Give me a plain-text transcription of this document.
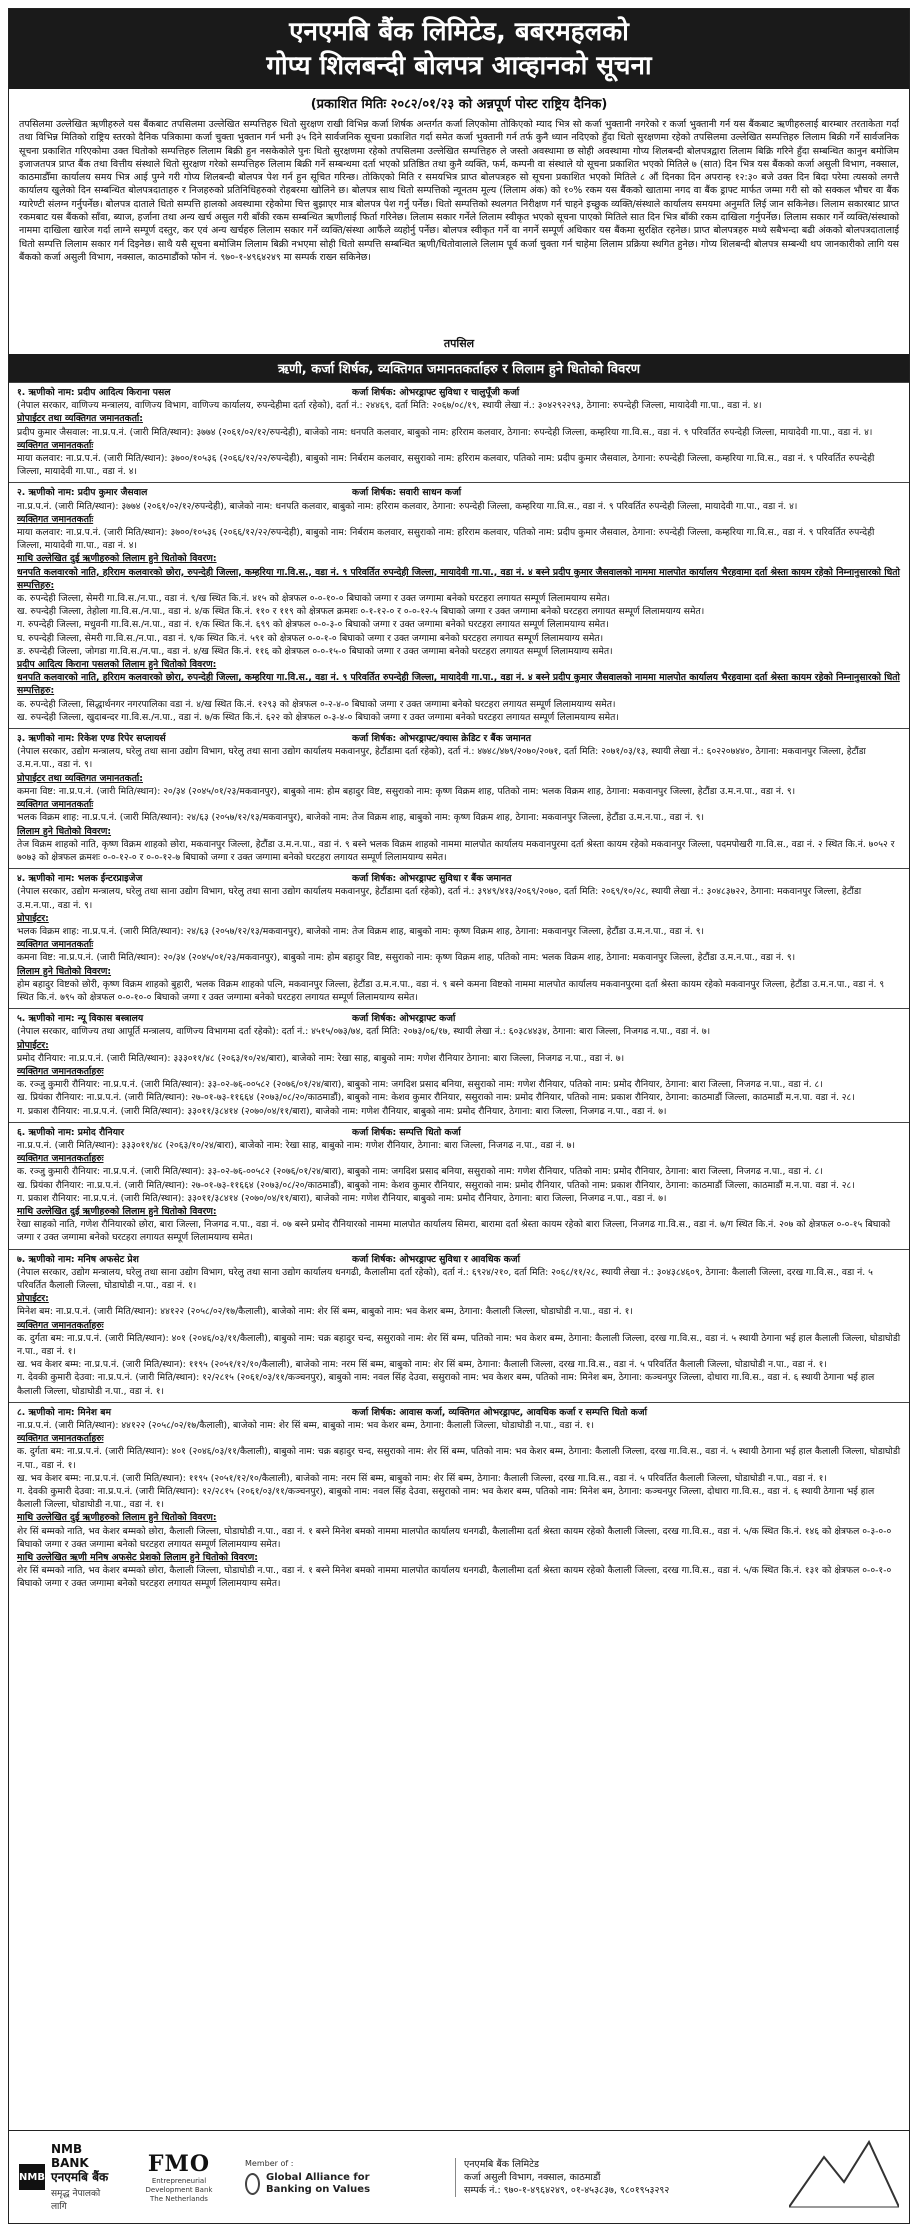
एनएमबि बैंक लिमिटेड, बबरमहलको
गोप्य शिलबन्दी बोलपत्र आव्हानको सूचना
(प्रकाशित मितिः २०८२/०१/२३ को अन्नपूर्ण पोस्ट राष्ट्रिय दैनिक)
तपसिलमा उल्लेखित ऋणीहरुले यस बैंकबाट तपसिलमा उल्लेखित सम्पत्तिहरु धितो सुरक्षण राखी विभिन्न कर्जा शिर्षक अन्तर्गत कर्जा लिएकोमा तोकिएको म्याद भित्र सो कर्जा भुक्तानी नगरेको र कर्जा भुक्तानी गर्न यस बैंकबाट ऋणीहरुलाई बारम्बार तरताकेता गर्दा तथा विभिन्न मितिको राष्ट्रिय स्तरको दैनिक पत्रिकामा कर्जा चुक्ता भुक्तान गर्न भनी ३५ दिने सार्वजनिक सूचना प्रकाशित गर्दा समेत कर्जा भुक्तानी गर्न तर्फ कुनै ध्यान नदिएको हुँदा धितो सुरक्षणमा रहेको तपसिलमा उल्लेखित सम्पत्तिहरु लिलाम बिक्री गर्ने सार्वजनिक सूचना प्रकाशित गरिएकोमा उक्त धितोको सम्पत्तिहरु लिलाम बिक्री हुन नसकेकोले पुनः धितो सुरक्षणमा रहेको तपसिलमा उल्लेखित सम्पत्तिहरु ले जस्तो अवस्थामा छ सोही अवस्थामा गोप्य शिलबन्दी बोलपत्रद्वारा लिलाम बिक्रि गरिने हुँदा सम्बन्धित कानुन बमोजिम इजाजतपत्र प्राप्त बैंक तथा वित्तीय संस्थाले धितो सुरक्षण गरेको सम्पत्तिहरु लिलाम बिक्री गर्ने सम्बन्धमा दर्ता भएको प्रतिष्ठित तथा कुनै व्यक्ति, फर्म, कम्पनी वा संस्थाले यो सूचना प्रकाशित भएको मितिले ७ (सात) दिन भित्र यस बैंकको कर्जा असुली विभाग, नक्साल, काठमाडौँमा कार्यालय समय भित्र आई पुग्ने गरी गोप्य शिलबन्दी बोलपत्र पेश गर्न हुन सूचित गरिन्छ। तोकिएको मिति र समयभित्र प्राप्त बोलपत्रहरु सो सूचना प्रकाशित भएको मितिले ८ औं दिनका दिन अपरान्ह १२:३० बजे उक्त दिन बिदा परेमा त्यसको लगत्तै कार्यालय खुलेको दिन सम्बन्धित बोलपत्रदाताहरु र निजहरुको प्रतिनिधिहरुको रोहबरमा खोलिने छ। बोलपत्र साथ धितो सम्पत्तिको न्यूनतम मूल्य (लिलाम अंक) को १०% रकम यस बैंकको खातामा नगद वा बैंक ड्राफ्ट मार्फत जम्मा गरी सो को सक्कल भौचर वा बैंक ग्यारेण्टी संलग्न गर्नुपर्नेछ। बोलपत्र दाताले धितो सम्पत्ति हालको अवस्थामा रहेकोमा चित्त बुझाएर मात्र बोलपत्र पेश गर्नु पर्नेछ। धितो सम्पत्तिको स्थलगत निरीक्षण गर्न चाहने इच्छुक व्यक्ति/संस्थाले कार्यालय समयमा अनुमति लिई जान सकिनेछ। लिलाम सकारबाट प्राप्त रकमबाट यस बैंकको साँवा, ब्याज, हर्जाना तथा अन्य खर्च असुल गरी बाँकी रकम सम्बन्धित ऋणीलाई फिर्ता गरिनेछ। लिलाम सकार गर्नेले लिलाम स्वीकृत भएको सूचना पाएको मितिले सात दिन भित्र बाँकी रकम दाखिला गर्नुपर्नेछ। लिलाम सकार गर्ने व्यक्ति/संस्थाको नाममा दाखिला खारेज गर्दा लाग्ने सम्पूर्ण दस्तुर, कर एवं अन्य खर्चहरु लिलाम सकार गर्ने व्यक्ति/संस्था आफैंले व्यहोर्नु पर्नेछ। बोलपत्र स्वीकृत गर्ने वा नगर्ने सम्पूर्ण अधिकार यस बैंकमा सुरक्षित रहनेछ। प्राप्त बोलपत्रहरु मध्ये सबैभन्दा बढी अंकको बोलपत्रदातालाई धितो सम्पत्ति लिलाम सकार गर्न दिइनेछ। साथै यसै सूचना बमोजिम लिलाम बिक्री नभएमा सोही धितो सम्पत्ति सम्बन्धित ऋणी/धितोवालाले लिलाम पूर्व कर्जा चुक्ता गर्न चाहेमा लिलाम प्रक्रिया स्थगित हुनेछ। गोप्य शिलबन्दी बोलपत्र सम्बन्धी थप जानकारीको लागि यस बैंकको कर्जा असुली विभाग, नक्साल, काठमाडौंको फोन नं. ९७०-१-४९६४२४९ मा सम्पर्क राख्न सकिनेछ।
तपसिल
ऋणी, कर्जा शिर्षक, व्यक्तिगत जमानतकर्ताहरु र लिलाम हुने धितोको विवरण
१. ऋणीको नाम: प्रदीप आदित्य किराना पसल	कर्जा शिर्षक: ओभरड्राफ्ट सुविधा र चालुपूँजी कर्जा

(नेपाल सरकार, वाणिज्य मन्त्रालय, वाणिज्य विभाग, वाणिज्य कार्यालय, रुपन्देहीमा दर्ता रहेको), दर्ता नं.: २४४६९, दर्ता मिति: २०६७/०८/१९, स्थायी लेखा नं.: ३०४२९२२९३, ठेगाना: रुपन्देही जिल्ला, मायादेवी गा.पा., वडा नं. ४।

प्रोपाईटर तथा व्यक्तिगत जमानतकर्ता:

प्रदीप कुमार जैसवाल: ना.प्र.प.नं. (जारी मिति/स्थान): ३७७४ (२०६१/०२/१२/रुपन्देही), बाजेको नाम: धनपति कलवार, बाबुको नाम: हरिराम कलवार, ठेगाना: रुपन्देही जिल्ला, कम्हरिया गा.वि.स., वडा नं. ९ परिवर्तित रुपन्देही जिल्ला, मायादेवी गा.पा., वडा नं. ४।

व्यक्तिगत जमानतकर्ताः

माया कलवार: ना.प्र.प.नं. (जारी मिति/स्थान): ३७००/१०५३६ (२०६६/१२/२२/रुपन्देही), बाबुको नाम: निर्बराम कलवार, ससुराको नाम: हरिराम कलवार, पतिको नाम: प्रदीप कुमार जैसवाल, ठेगाना: रुपन्देही जिल्ला, कम्हरिया गा.वि.स., वडा नं. ९ परिवर्तित रुपन्देही जिल्ला, मायादेवी गा.पा., वडा नं. ४।

२. ऋणीको नाम: प्रदीप कुमार जैसवाल	कर्जा शिर्षक: सवारी साधन कर्जा

ना.प्र.प.नं. (जारी मिति/स्थान): ३७७४ (२०६१/०२/१२/रुपन्देही), बाजेको नाम: धनपति कलवार, बाबुको नाम: हरिराम कलवार, ठेगाना: रुपन्देही जिल्ला, कम्हरिया गा.वि.स., वडा नं. ९ परिवर्तित रुपन्देही जिल्ला, मायादेवी गा.पा., वडा नं. ४।

व्यक्तिगत जमानतकर्ताः

माया कलवार: ना.प्र.प.नं. (जारी मिति/स्थान): ३७००/१०५३६ (२०६६/१२/२२/रुपन्देही), बाबुको नाम: निर्बराम कलवार, ससुराको नाम: हरिराम कलवार, पतिको नाम: प्रदीप कुमार जैसवाल, ठेगाना: रुपन्देही जिल्ला, कम्हरिया गा.वि.स., वडा नं. ९ परिवर्तित रुपन्देही जिल्ला, मायादेवी गा.पा., वडा नं. ४।

माथि उल्लेखित दुई ऋणीहरुको लिलाम हुने धितोको विवरण:

धनपति कलवारको नाति, हरिराम कलवारको छोरा, रुपन्देही जिल्ला, कम्हरिया गा.वि.स., वडा नं. ९ परिवर्तित रुपन्देही जिल्ला, मायादेवी गा.पा., वडा नं. ४ बस्ने प्रदीप कुमार जैसवालको नाममा मालपोत कार्यालय भैरहवामा दर्ता श्रेस्ता कायम रहेको निम्नानुसारको धितो सम्पत्तिहरु:

क. रुपन्देही जिल्ला, सेमरी गा.वि.स./न.पा., वडा नं. ९/ख स्थित कि.नं. ४१५ को क्षेत्रफल ०-०-१०-० बिघाको जग्गा र उक्त जग्गामा बनेको घरटहरा लगायत सम्पूर्ण लिलामयाग्य समेत।

ख. रुपन्देही जिल्ला, तेहोला गा.वि.स./न.पा., वडा नं. ४/क स्थित कि.नं. ११० र ११९ को क्षेत्रफल क्रमशः ०-१-१२-० र ०-०-१२-५ बिघाको जग्गा र उक्त जग्गामा बनेको घरटहरा लगायत सम्पूर्ण लिलामयाग्य समेत।

ग. रुपन्देही जिल्ला, मधुवनी गा.वि.स./न.पा., वडा नं. १/क स्थित कि.नं. ६९९ को क्षेत्रफल ०-०-३-० बिघाको जग्गा र उक्त जग्गामा बनेको घरटहरा लगायत सम्पूर्ण लिलामयाग्य समेत।

घ. रुपन्देही जिल्ला, सेमरी गा.वि.स./न.पा., वडा नं. ९/क स्थित कि.नं. ५९१ को क्षेत्रफल ०-०-१-० बिघाको जग्गा र उक्त जग्गामा बनेको घरटहरा लगायत सम्पूर्ण लिलामयाग्य समेत।

ङ. रुपन्देही जिल्ला, जोगडा गा.वि.स./न.पा., वडा नं. ४/ख स्थित कि.नं. ११६ को क्षेत्रफल ०-०-१५-० बिघाको जग्गा र उक्त जग्गामा बनेको घरटहरा लगायत सम्पूर्ण लिलामयाग्य समेत।

प्रदीप आदित्य किराना पसलको लिलाम हुने धितोको विवरण:

धनपति कलवारको नाति, हरिराम कलवारको छोरा, रुपन्देही जिल्ला, कम्हरिया गा.वि.स., वडा नं. ९ परिवर्तित रुपन्देही जिल्ला, मायादेवी गा.पा., वडा नं. ४ बस्ने प्रदीप कुमार जैसवालको नाममा मालपोत कार्यालय भैरहवामा दर्ता श्रेस्ता कायम रहेको निम्नानुसारको धितो सम्पत्तिहरु:

क. रुपन्देही जिल्ला, सिद्धार्थनगर नगरपालिका वडा नं. ४/ख स्थित कि.नं. १२९३ को क्षेत्रफल ०-२-४-० बिघाको जग्गा र उक्त जग्गामा बनेको घरटहरा लगायत सम्पूर्ण लिलामयाग्य समेत।

ख. रुपन्देही जिल्ला, खुदाबन्दर गा.वि.स./न.पा., वडा नं. ७/क स्थित कि.नं. ६२२ को क्षेत्रफल ०-३-४-० बिघाको जग्गा र उक्त जग्गामा बनेको घरटहरा लगायत सम्पूर्ण लिलामयाग्य समेत।

३. ऋणीको नाम: रिकेश एण्ड रिपेर सप्लायर्स	कर्जा शिर्षक: ओभरड्राफ्ट/क्यास क्रेडिट र बैंक जमानत

(नेपाल सरकार, उद्योग मन्त्रालय, घरेलु तथा साना उद्योग विभाग, घरेलु तथा साना उद्योग कार्यालय मकवानपुर, हेटौंडामा दर्ता रहेको), दर्ता नं.: ४७४८/४७९/२०७०/२०७१, दर्ता मिति: २०७१/०३/१३, स्थायी लेखा नं.: ६०२२०७४४०, ठेगाना: मकवानपुर जिल्ला, हेटौंडा उ.म.न.पा., वडा नं. ९।

प्रोपाईटर तथा व्यक्तिगत जमानतकर्ता:

कमना विष्ट: ना.प्र.प.नं. (जारी मिति/स्थान): २०/३४ (२०४५/०१/२३/मकवानपुर), बाबुको नाम: होम बहादुर विष्ट, ससुराको नाम: कृष्ण विक्रम शाह, पतिको नाम: भलक विक्रम शाह, ठेगाना: मकवानपुर जिल्ला, हेटौंडा उ.म.न.पा., वडा नं. ९।

व्यक्तिगत जमानतकर्ताः

भलक विक्रम शाह: ना.प्र.प.नं. (जारी मिति/स्थान): २४/६३ (२०५७/१२/१३/मकवानपुर), बाजेको नाम: तेज विक्रम शाह, बाबुको नाम: कृष्ण विक्रम शाह, ठेगाना: मकवानपुर जिल्ला, हेटौंडा उ.म.न.पा., वडा नं. ९।

लिलाम हुने धितोको विवरण:

तेज विक्रम शाहको नाति, कृष्ण विक्रम शाहको छोरा, मकवानपुर जिल्ला, हेटौंडा उ.म.न.पा., वडा नं. ९ बस्ने भलक विक्रम शाहको नाममा मालपोत कार्यालय मकवानपुरमा दर्ता श्रेस्ता कायम रहेको मकवानपुर जिल्ला, पदमपोखरी गा.वि.स., वडा नं. २ स्थित कि.नं. ७०५२ र ७०७३ को क्षेत्रफल क्रमशः ०-०-१२-० र ०-०-१२-७ बिघाको जग्गा र उक्त जग्गामा बनेको घरटहरा लगायत सम्पूर्ण लिलामयाग्य समेत।

४. ऋणीको नाम: भलक ईन्टरप्राइजेज	कर्जा शिर्षक: ओभरड्राफ्ट सुविधा र बैंक जमानत

(नेपाल सरकार, उद्योग मन्त्रालय, घरेलु तथा साना उद्योग विभाग, घरेलु तथा साना उद्योग कार्यालय मकवानपुर, हेटौंडामा दर्ता रहेको), दर्ता नं.: ३९४९/४१३/२०६९/२०७०, दर्ता मिति: २०६९/१०/२८, स्थायी लेखा नं.: ३०४८३७२२, ठेगाना: मकवानपुर जिल्ला, हेटौंडा उ.म.न.पा., वडा नं. ९।

प्रोपाईटर:

भलक विक्रम शाह: ना.प्र.प.नं. (जारी मिति/स्थान): २४/६३ (२०५७/१२/१३/मकवानपुर), बाजेको नाम: तेज विक्रम शाह, बाबुको नाम: कृष्ण विक्रम शाह, ठेगाना: मकवानपुर जिल्ला, हेटौंडा उ.म.न.पा., वडा नं. ९।

व्यक्तिगत जमानतकर्ताः

कमना विष्ट: ना.प्र.प.नं. (जारी मिति/स्थान): २०/३४ (२०४५/०१/२३/मकवानपुर), बाबुको नाम: होम बहादुर विष्ट, ससुराको नाम: कृष्ण विक्रम शाह, पतिको नाम: भलक विक्रम शाह, ठेगाना: मकवानपुर जिल्ला, हेटौंडा उ.म.न.पा., वडा नं. ९।

लिलाम हुने धितोको विवरण:

होम बहादुर विष्टको छोरी, कृष्ण विक्रम शाहको बुहारी, भलक विक्रम शाहको पत्नि, मकवानपुर जिल्ला, हेटौंडा उ.म.न.पा., वडा नं. ९ बस्ने कमना विष्टको नाममा मालपोत कार्यालय मकवानपुरमा दर्ता श्रेस्ता कायम रहेको मकवानपुर जिल्ला, हेटौंडा उ.म.न.पा., वडा नं. ९ स्थित कि.नं. ७९५ को क्षेत्रफल ०-०-१०-० बिघाको जग्गा र उक्त जग्गामा बनेको घरटहरा लगायत सम्पूर्ण लिलामयाग्य समेत।

५. ऋणीको नाम: न्यू विकास बस्त्रालय	कर्जा शिर्षक: ओभरड्राफ्ट कर्जा

(नेपाल सरकार, वाणिज्य तथा आपूर्ति मन्त्रालय, वाणिज्य विभागमा दर्ता रहेको): दर्ता नं.: ४५१५/०७३/७४, दर्ता मिति: २०७३/०६/१७, स्थायी लेखा नं.: ६०३८४४३४, ठेगाना: बारा जिल्ला, निजगढ न.पा., वडा नं. ७।

प्रोपाईटर:

प्रमोद रौनियार: ना.प्र.प.नं. (जारी मिति/स्थान): ३३३०११/४८ (२०६३/१०/२४/बारा), बाजेको नाम: रेखा साह, बाबुको नाम: गणेश रौनियार ठेगाना: बारा जिल्ला, निजगढ न.पा., वडा नं. ७।

व्यक्तिगत जमानतकर्ताहरुः

क. रञ्जु कुमारी रौनियार: ना.प्र.प.नं. (जारी मिति/स्थान): ३३-०२-७६-००५८२ (२०७६/०१/२४/बारा), बाबुको नाम: जगदिश प्रसाद बनिया, ससुराको नाम: गणेश रौनियार, पतिको नाम: प्रमोद रौनियार, ठेगाना: बारा जिल्ला, निजगढ न.पा., वडा नं. ८।

ख. प्रियंका रौनियार: ना.प्र.प.नं. (जारी मिति/स्थान): २७-०१-७३-११६६४ (२०७३/०८/२०/काठमाडौं), बाबुको नाम: केशव कुमार रौनियार, ससुराको नाम: प्रमोद रौनियार, पतिको नाम: प्रकाश रौनियार, ठेगाना: काठमाडौं जिल्ला, काठमाडौं म.न.पा. वडा नं. २८।

ग. प्रकाश रौनियार: ना.प्र.प.नं. (जारी मिति/स्थान): ३३०११/३८४१४ (२०७०/०४/११/बारा), बाजेको नाम: गणेश रौनियार, बाबुको नाम: प्रमोद रौनियार, ठेगाना: बारा जिल्ला, निजगढ न.पा., वडा नं. ७।

६. ऋणीको नाम: प्रमोद रौनियार	कर्जा शिर्षक: सम्पत्ति धितो कर्जा

ना.प्र.प.नं. (जारी मिति/स्थान): ३३३०११/४८ (२०६३/१०/२४/बारा), बाजेको नाम: रेखा साह, बाबुको नाम: गणेश रौनियार, ठेगाना: बारा जिल्ला, निजगढ न.पा., वडा नं. ७।

व्यक्तिगत जमानतकर्ताहरुः

क. रञ्जु कुमारी रौनियार: ना.प्र.प.नं. (जारी मिति/स्थान): ३३-०२-७६-००५८२ (२०७६/०१/२४/बारा), बाबुको नाम: जगदिश प्रसाद बनिया, ससुराको नाम: गणेश रौनियार, पतिको नाम: प्रमोद रौनियार, ठेगाना: बारा जिल्ला, निजगढ न.पा., वडा नं. ८।

ख. प्रियंका रौनियार: ना.प्र.प.नं. (जारी मिति/स्थान): २७-०१-७३-११६६४ (२०७३/०८/२०/काठमाडौं), बाबुको नाम: केशव कुमार रौनियार, ससुराको नाम: प्रमोद रौनियार, पतिको नाम: प्रकाश रौनियार, ठेगाना: काठमाडौं जिल्ला, काठमाडौं म.न.पा. वडा नं. २८।

ग. प्रकाश रौनियार: ना.प्र.प.नं. (जारी मिति/स्थान): ३३०११/३८४१४ (२०७०/०४/११/बारा), बाजेको नाम: गणेश रौनियार, बाबुको नाम: प्रमोद रौनियार, ठेगाना: बारा जिल्ला, निजगढ न.पा., वडा नं. ७।

माथि उल्लेखित दुई ऋणीहरुको लिलाम हुने धितोको विवरण:

रेखा साहको नाति, गणेश रौनियारको छोरा, बारा जिल्ला, निजगढ न.पा., वडा नं. ०७ बस्ने प्रमोद रौनियारको नाममा मालपोत कार्यालय सिमरा, बारामा दर्ता श्रेस्ता कायम रहेको बारा जिल्ला, निजगढ गा.वि.स., वडा नं. ७/ग स्थित कि.नं. २०७ को क्षेत्रफल ०-०-१५ बिघाको जग्गा र उक्त जग्गामा बनेको घरटहरा लगायत सम्पूर्ण लिलामयाग्य समेत।

७. ऋणीको नाम: मनिष अफसेट प्रेश	कर्जा शिर्षक: ओभरड्राफ्ट सुविधा र आवधिक कर्जा

(नेपाल सरकार, उद्योग मन्त्रालय, घरेलु तथा साना उद्योग विभाग, घरेलु तथा साना उद्योग कार्यालय धनगढी, कैलालीमा दर्ता रहेको), दर्ता नं.: ६९२४/२१०, दर्ता मिति: २०६८/११/२८, स्थायी लेखा नं.: ३०४३८४६०९, ठेगाना: कैलाली जिल्ला, दरख गा.वि.स., वडा नं. ५ परिवर्तित कैलाली जिल्ला, घोडाघोडी न.पा., वडा नं. १।

प्रोपाईटर:

मिनेश बम: ना.प्र.प.नं. (जारी मिति/स्थान): ४४१२२ (२०५८/०२/१७/कैलाली), बाजेको नाम: शेर सिं बम्म, बाबुको नाम: भव केशर बम्म, ठेगाना: कैलाली जिल्ला, घोडाघोडी न.पा., वडा नं. १।

व्यक्तिगत जमानतकर्ताहरुः

क. दुर्गता बम: ना.प्र.प.नं. (जारी मिति/स्थान): ४०१ (२०४६/०३/११/कैलाली), बाबुको नाम: चक्र बहादुर चन्द, ससुराको नाम: शेर सिं बम्म, पतिको नाम: भव केशर बम्म, ठेगाना: कैलाली जिल्ला, दरख गा.वि.स., वडा नं. ५ स्थायी ठेगाना भई हाल कैलाली जिल्ला, घोडाघोडी न.पा., वडा नं. १।

ख. भव केशर बम्म: ना.प्र.प.नं. (जारी मिति/स्थान): ११९५ (२०५१/१२/१०/कैलाली), बाजेको नाम: नरम सिं बम्म, बाबुको नाम: शेर सिं बम्म, ठेगाना: कैलाली जिल्ला, दरख गा.वि.स., वडा नं. ५ परिवर्तित कैलाली जिल्ला, घोडाघोडी न.पा., वडा नं. १।

ग. देवकी कुमारी देउवा: ना.प्र.प.नं. (जारी मिति/स्थान): १२/२८१५ (२०६१/०३/११/कञ्चनपुर), बाबुको नाम: नवल सिंह देउवा, ससुराको नाम: भव केशर बम्म, पतिको नाम: मिनेश बम, ठेगाना: कञ्चनपुर जिल्ला, दोधारा गा.वि.स., वडा नं. ६ स्थायी ठेगाना भई हाल कैलाली जिल्ला, घोडाघोडी न.पा., वडा नं. १।

८. ऋणीको नाम: मिनेश बम	कर्जा शिर्षक: आवास कर्जा, व्यक्तिगत ओभरड्राफ्ट, आवधिक कर्जा र सम्पत्ति धितो कर्जा

ना.प्र.प.नं. (जारी मिति/स्थान): ४४१२२ (२०५८/०२/१७/कैलाली), बाजेको नाम: शेर सिं बम्म, बाबुको नाम: भव केशर बम्म, ठेगाना: कैलाली जिल्ला, घोडाघोडी न.पा., वडा नं. १।

व्यक्तिगत जमानतकर्ताहरुः

क. दुर्गता बम: ना.प्र.प.नं. (जारी मिति/स्थान): ४०१ (२०४६/०३/११/कैलाली), बाबुको नाम: चक्र बहादुर चन्द, ससुराको नाम: शेर सिं बम्म, पतिको नाम: भव केशर बम्म, ठेगाना: कैलाली जिल्ला, दरख गा.वि.स., वडा नं. ५ स्थायी ठेगाना भई हाल कैलाली जिल्ला, घोडाघोडी न.पा., वडा नं. १।

ख. भव केशर बम्म: ना.प्र.प.नं. (जारी मिति/स्थान): ११९५ (२०५१/१२/१०/कैलाली), बाजेको नाम: नरम सिं बम्म, बाबुको नाम: शेर सिं बम्म, ठेगाना: कैलाली जिल्ला, दरख गा.वि.स., वडा नं. ५ परिवर्तित कैलाली जिल्ला, घोडाघोडी न.पा., वडा नं. १।

ग. देवकी कुमारी देउवा: ना.प्र.प.नं. (जारी मिति/स्थान): १२/२८१५ (२०६१/०३/११/कञ्चनपुर), बाबुको नाम: नवल सिंह देउवा, ससुराको नाम: भव केशर बम्म, पतिको नाम: मिनेश बम, ठेगाना: कञ्चनपुर जिल्ला, दोधारा गा.वि.स., वडा नं. ६ स्थायी ठेगाना भई हाल कैलाली जिल्ला, घोडाघोडी न.पा., वडा नं. १।

माथि उल्लेखित दुई ऋणीहरुको लिलाम हुने धितोको विवरण:

शेर सिं बम्मको नाति, भव केशर बम्मको छोरा, कैलाली जिल्ला, घोडाघोडी न.पा., वडा नं. १ बस्ने मिनेश बमको नाममा मालपोत कार्यालय धनगढी, कैलालीमा दर्ता श्रेस्ता कायम रहेको कैलाली जिल्ला, दरख गा.वि.स., वडा नं. ५/क स्थित कि.नं. १४६ को क्षेत्रफल ०-३-०-० बिघाको जग्गा र उक्त जग्गामा बनेको घरटहरा लगायत सम्पूर्ण लिलामयाग्य समेत।

माथि उल्लेखित ऋणी मनिष अफसेट प्रेशको लिलाम हुने धितोको विवरण:

शेर सिं बम्मको नाति, भव केशर बम्मको छोरा, कैलाली जिल्ला, घोडाघोडी न.पा., वडा नं. १ बस्ने मिनेश बमको नाममा मालपोत कार्यालय धनगढी, कैलालीमा दर्ता श्रेस्ता कायम रहेको कैलाली जिल्ला, दरख गा.वि.स., वडा नं. ५/क स्थित कि.नं. १३१ को क्षेत्रफल ०-०-१-० बिघाको जग्गा र उक्त जग्गामा बनेको घरटहरा लगायत सम्पूर्ण लिलामयाग्य समेत।

NMB
NMB BANK
एनएमबि बैंक
समृद्ध नेपालको लागि
FMO
Entrepreneurial Development Bank
The Netherlands
Member of :
Global Alliance for Banking on Values
एनएमबि बैंक लिमिटेड
कर्जा असुली विभाग, नक्साल, काठमाडौं
सम्पर्क नं.: ९७०-१-४९६४२४९, ०१-४५३८३७, ९८०१९५३२९२
